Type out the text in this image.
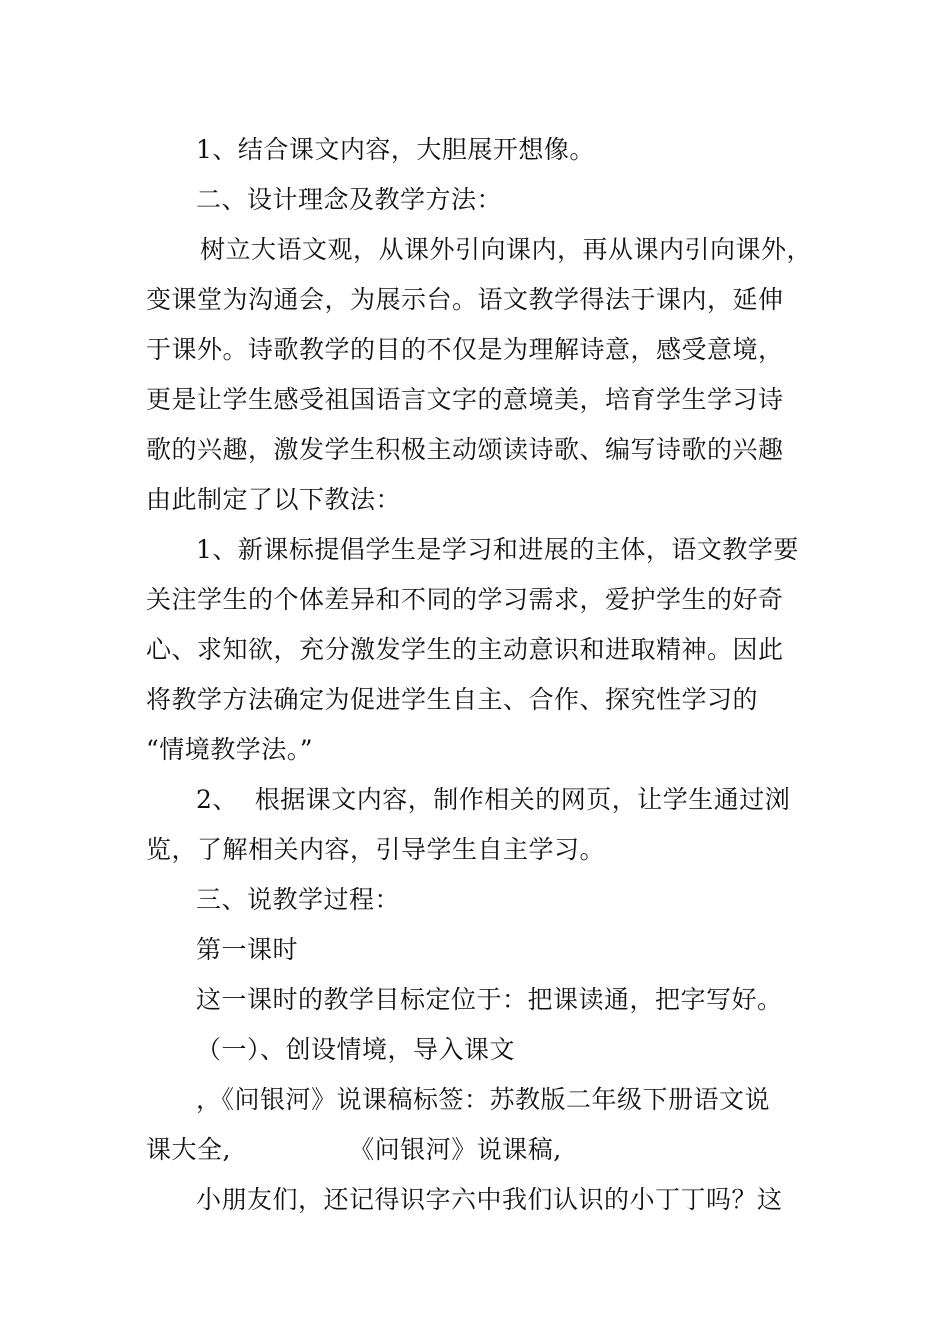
1、结合课文内容，大胆展开想像。
二、设计理念及教学方法：
树立大语文观，从课外引向课内，再从课内引向课外，
变课堂为沟通会，为展示台。语文教学得法于课内，延伸
于课外。诗歌教学的目的不仅是为理解诗意，感受意境，
更是让学生感受祖国语言文字的意境美，培育学生学习诗
歌的兴趣，激发学生积极主动颂读诗歌、编写诗歌的兴趣
由此制定了以下教法：
1、新课标提倡学生是学习和进展的主体，语文教学要
关注学生的个体差异和不同的学习需求，爱护学生的好奇
心、求知欲，充分激发学生的主动意识和进取精神。因此
将教学方法确定为促进学生自主、合作、探究性学习的
“情境教学法。”
2、  根据课文内容，制作相关的网页，让学生通过浏
览，了解相关内容，引导学生自主学习。
三、说教学过程：
第一课时
这一课时的教学目标定位于：把课读通，把字写好。
（一）、创设情境，导入课文
，《问银河》说课稿标签：苏教版二年级下册语文说
课大全,              《问银河》说课稿,
小朋友们，还记得识字六中我们认识的小丁丁吗？这
